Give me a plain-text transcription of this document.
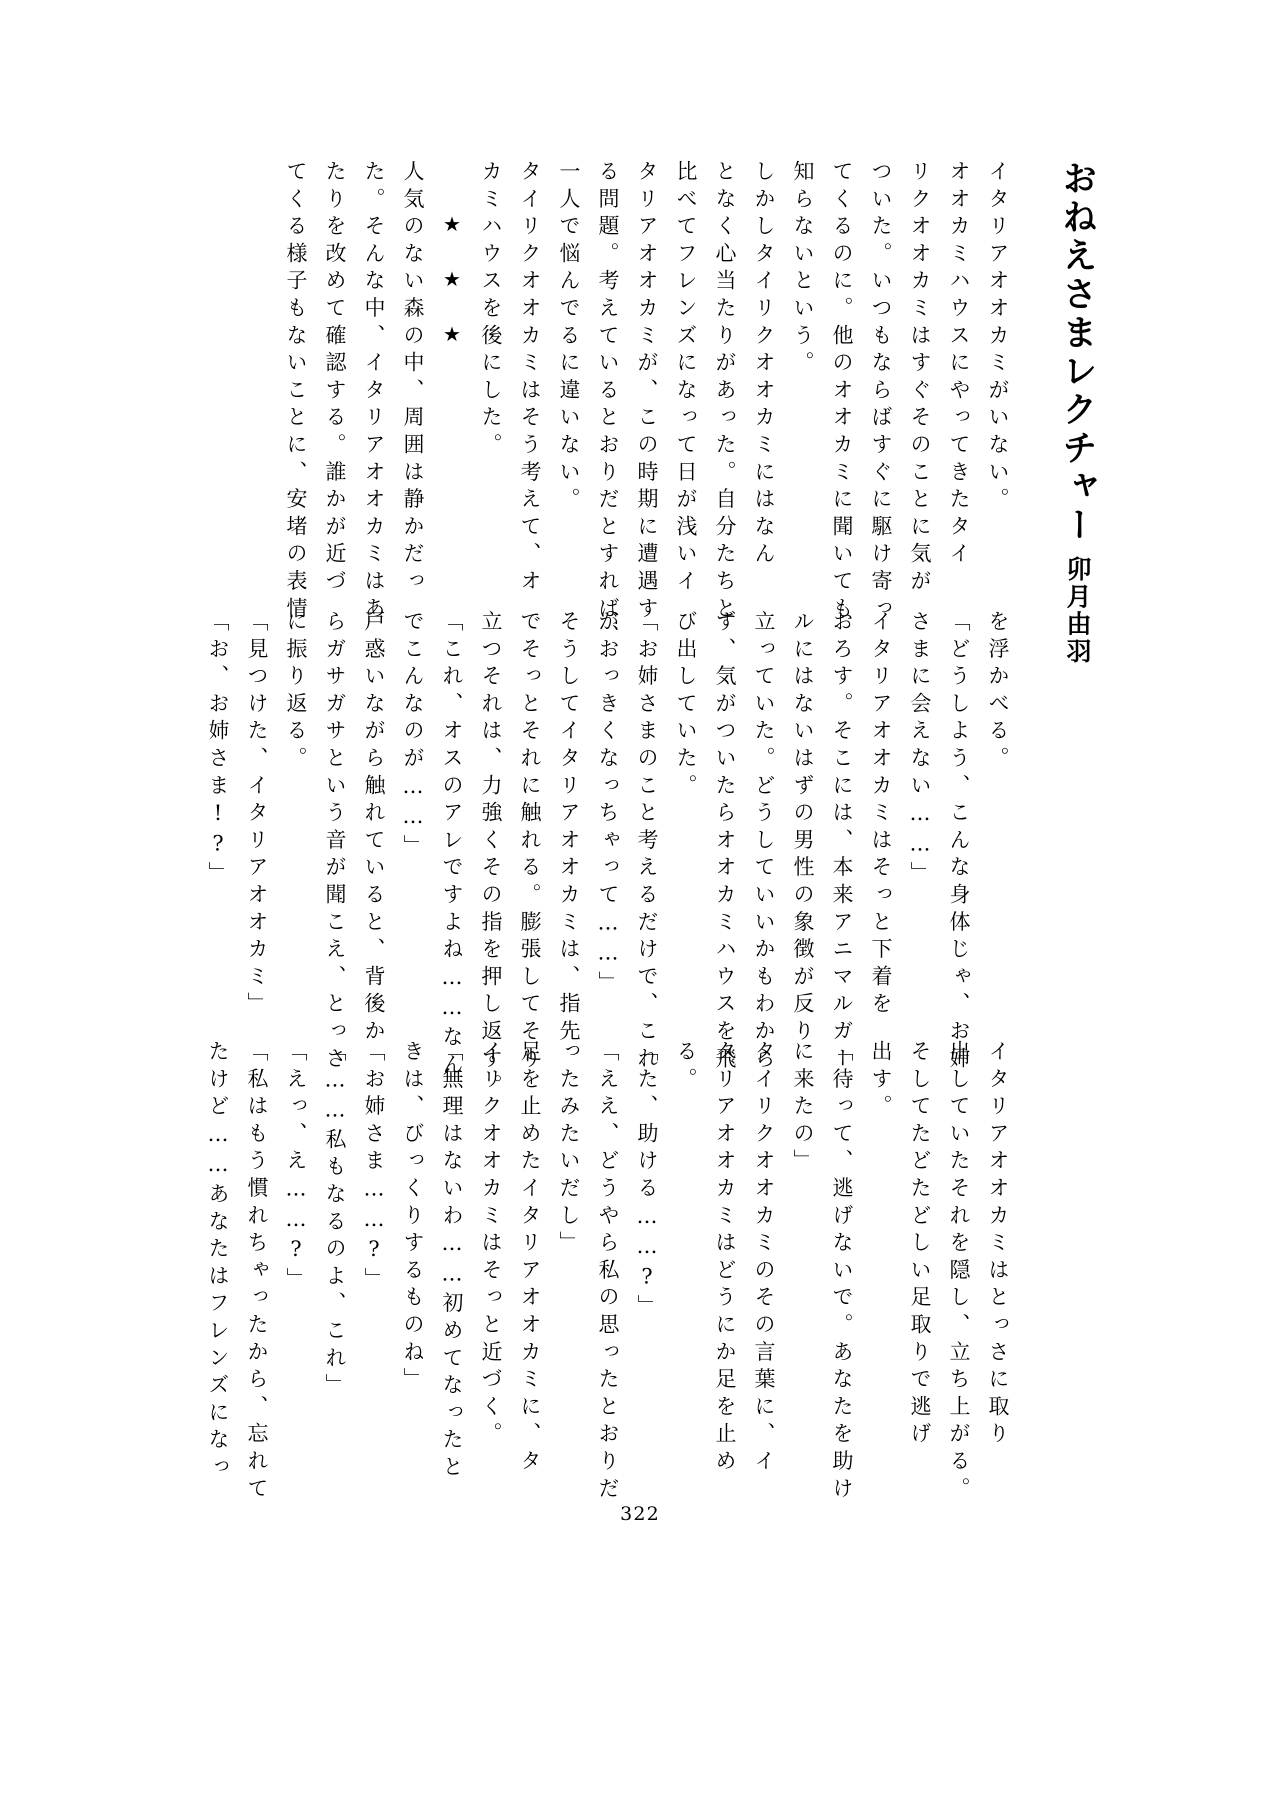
おねえさまレクチャー
卯月由羽
イタリアオオカミがいない。
オオカミハウスにやってきたタイ
リクオオカミはすぐそのことに気が
ついた。いつもならばすぐに駆け寄っ
てくるのに。他のオオカミに聞いても
知らないという。
しかしタイリクオオカミにはなん
となく心当たりがあった。自分たちと
比べてフレンズになって日が浅いイ
タリアオオカミが、この時期に遭遇す
る問題。考えているとおりだとすれば、
一人で悩んでるに違いない。
タイリクオオカミはそう考えて、オ
カミハウスを後にした。
★★★
人気のない森の中、周囲は静かだっ
た。そんな中、イタリアオオカミはあ
たりを改めて確認する。誰かが近づ
てくる様子もないことに、安堵の表情
を浮かべる。
「どうしよう、こんな身体じゃ、お姉
さまに会えない……」
イタリアオオカミはそっと下着を
おろす。そこには、本来アニマルガー
ルにはないはずの男性の象徴が反り
立っていた。どうしていいかもわから
ず、気がついたらオオカミハウスを飛
び出していた。
「お姉さまのこと考えるだけで、これ
がおっきくなっちゃって……」
そうしてイタリアオオカミは、指先
でそっとそれに触れる。膨張してそり
立つそれは、力強くその指を押し返す。
「これ、オスのアレですよね……なん
でこんなのが……」
戸惑いながら触れていると、背後か
らガサガサという音が聞こえ、とっさ
に振り返る。
「見つけた、イタリアオオカミ」
「お、お姉さま!?」
イタリアオオカミはとっさに取り
出していたそれを隠し、立ち上がる。
そしてたどたどしい足取りで逃げ
出す。
「待って、逃げないで。あなたを助け
に来たの」
タイリクオオカミのその言葉に、イ
タリアオオカミはどうにか足を止め
る。
「た、助ける……?」
「ええ、どうやら私の思ったとおりだ
ったみたいだし」
足を止めたイタリアオオカミに、タ
イリクオオカミはそっと近づく。
「無理はないわ……初めてなったと
きは、びっくりするものね」
「お姉さま……?」
「……私もなるのよ、これ」
「えっ、え……?」
「私はもう慣れちゃったから、忘れて
たけど……あなたはフレンズになっ
322
